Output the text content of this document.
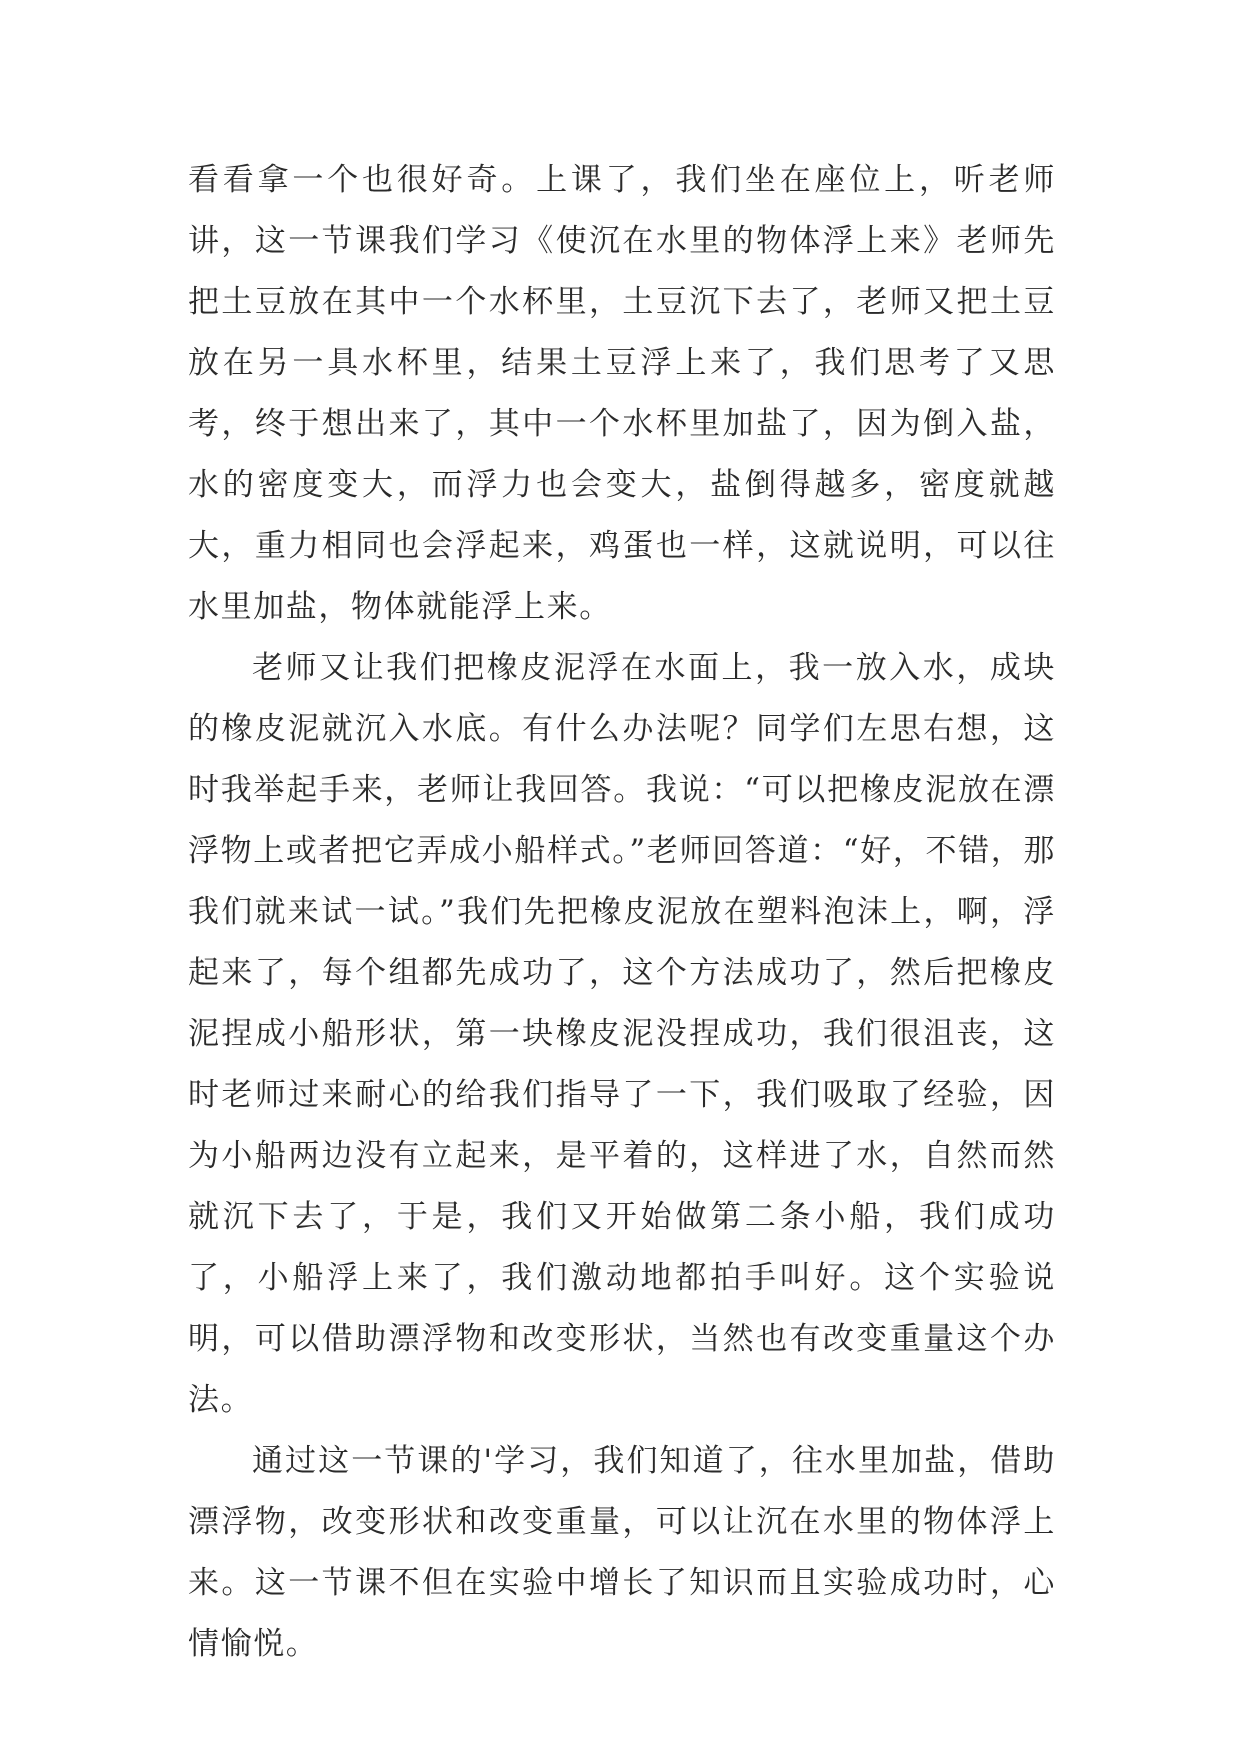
看看拿一个也很好奇。上课了，我们坐在座位上，听老师讲，这一节课我们学习《使沉在水里的物体浮上来》老师先把土豆放在其中一个水杯里，土豆沉下去了，老师又把土豆放在另一具水杯里，结果土豆浮上来了，我们思考了又思考，终于想出来了，其中一个水杯里加盐了，因为倒入盐，水的密度变大，而浮力也会变大，盐倒得越多，密度就越大，重力相同也会浮起来，鸡蛋也一样，这就说明，可以往水里加盐，物体就能浮上来。

老师又让我们把橡皮泥浮在水面上，我一放入水，成块的橡皮泥就沉入水底。有什么办法呢？同学们左思右想，这时我举起手来，老师让我回答。我说：“可以把橡皮泥放在漂浮物上或者把它弄成小船样式。”老师回答道：“好，不错，那我们就来试一试。”我们先把橡皮泥放在塑料泡沫上，啊，浮起来了，每个组都先成功了，这个方法成功了，然后把橡皮泥捏成小船形状，第一块橡皮泥没捏成功，我们很沮丧，这时老师过来耐心的给我们指导了一下，我们吸取了经验，因为小船两边没有立起来，是平着的，这样进了水，自然而然就沉下去了，于是，我们又开始做第二条小船，我们成功了，小船浮上来了，我们激动地都拍手叫好。这个实验说明，可以借助漂浮物和改变形状，当然也有改变重量这个办法。

通过这一节课的'学习，我们知道了，往水里加盐，借助漂浮物，改变形状和改变重量，可以让沉在水里的物体浮上来。这一节课不但在实验中增长了知识而且实验成功时，心情愉悦。
